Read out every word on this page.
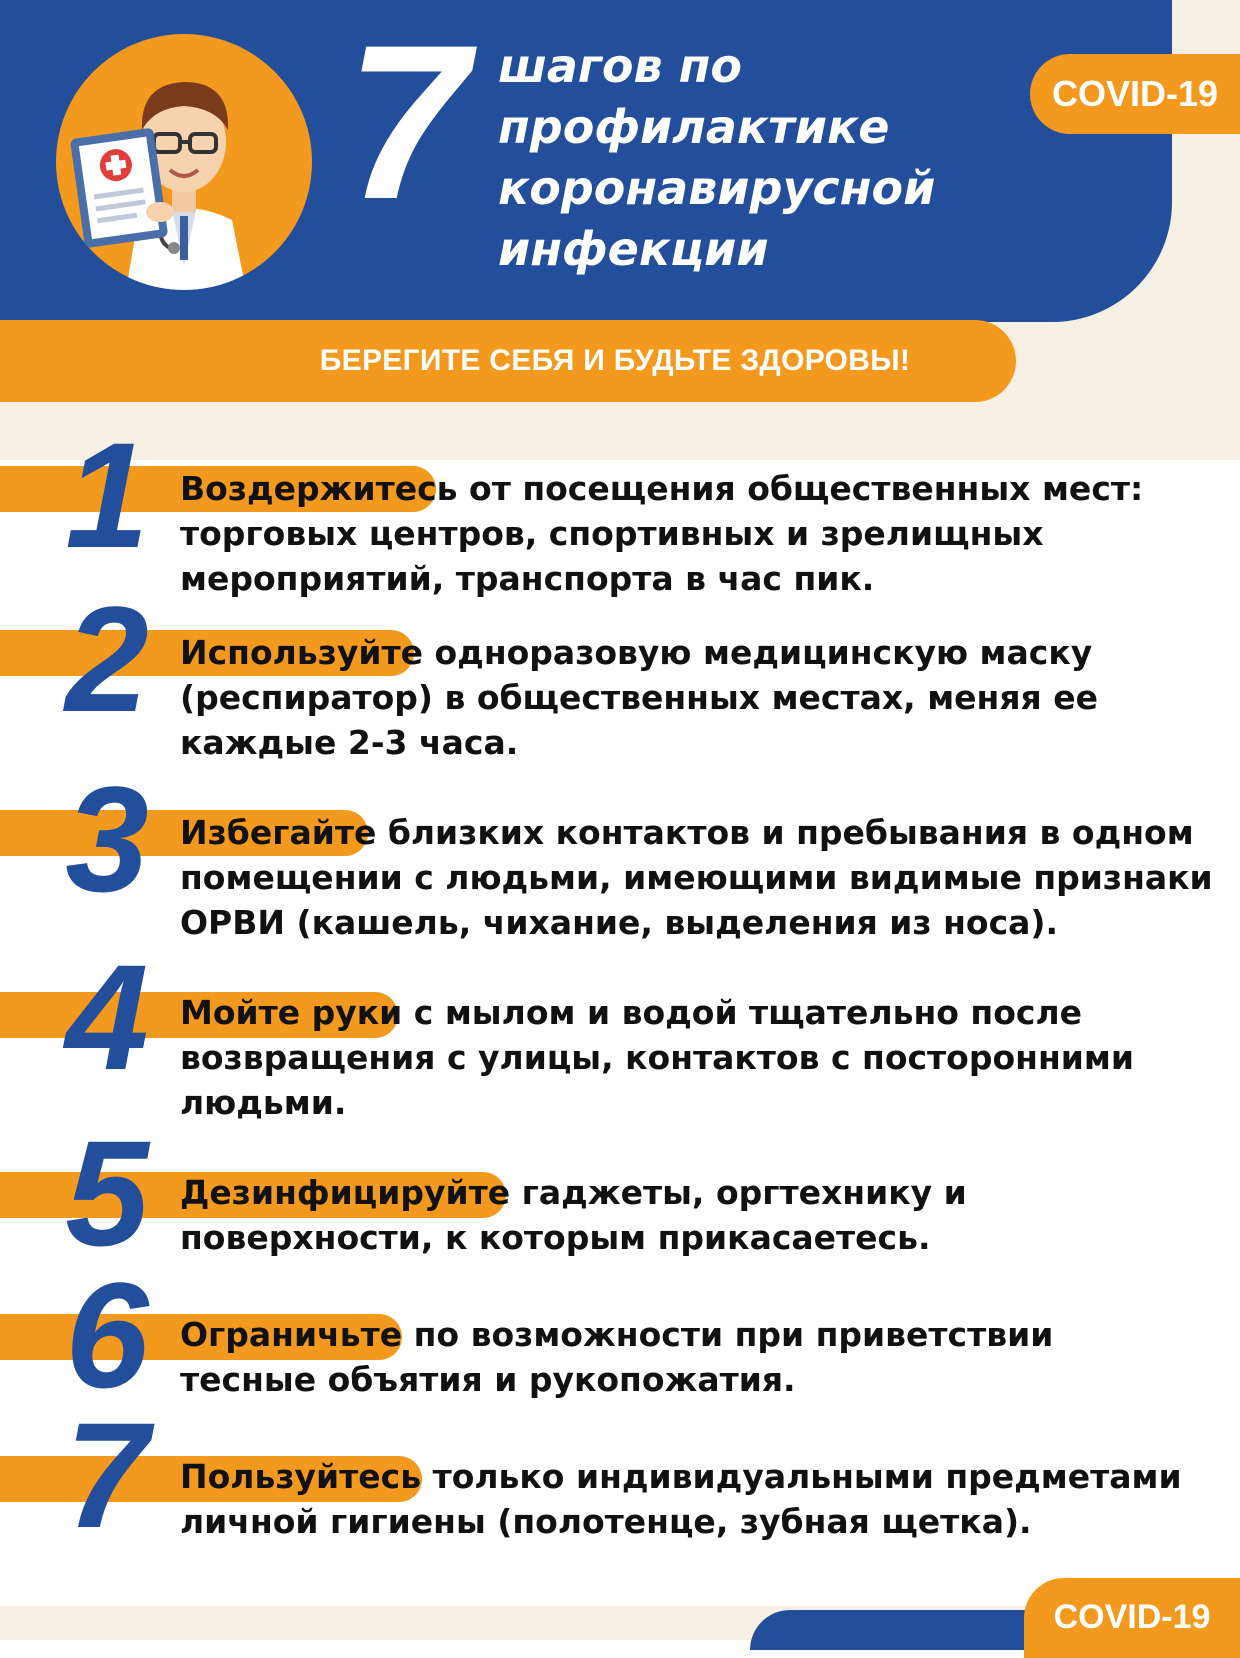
7 шагов по
профилактике
коронавирусной
инфекции
COVID-19
БЕРЕГИТЕ СЕБЯ И БУДЬТЕ ЗДОРОВЫ!
1 Воздержитесь от посещения общественных мест:
торговых центров, спортивных и зрелищных
мероприятий, транспорта в час пик.
2 Используйте одноразовую медицинскую маску
(респиратор) в общественных местах, меняя ее
каждые 2-3 часа.
3 Избегайте близких контактов и пребывания в одном
помещении с людьми, имеющими видимые признаки
ОРВИ (кашель, чихание, выделения из носа).
4 Мойте руки с мылом и водой тщательно после
возвращения с улицы, контактов с посторонними
людьми.
5 Дезинфицируйте гаджеты, оргтехнику и
поверхности, к которым прикасаетесь.
6 Ограничьте по возможности при приветствии
тесные объятия и рукопожатия.
7 Пользуйтесь только индивидуальными предметами
личной гигиены (полотенце, зубная щетка).
COVID-19
